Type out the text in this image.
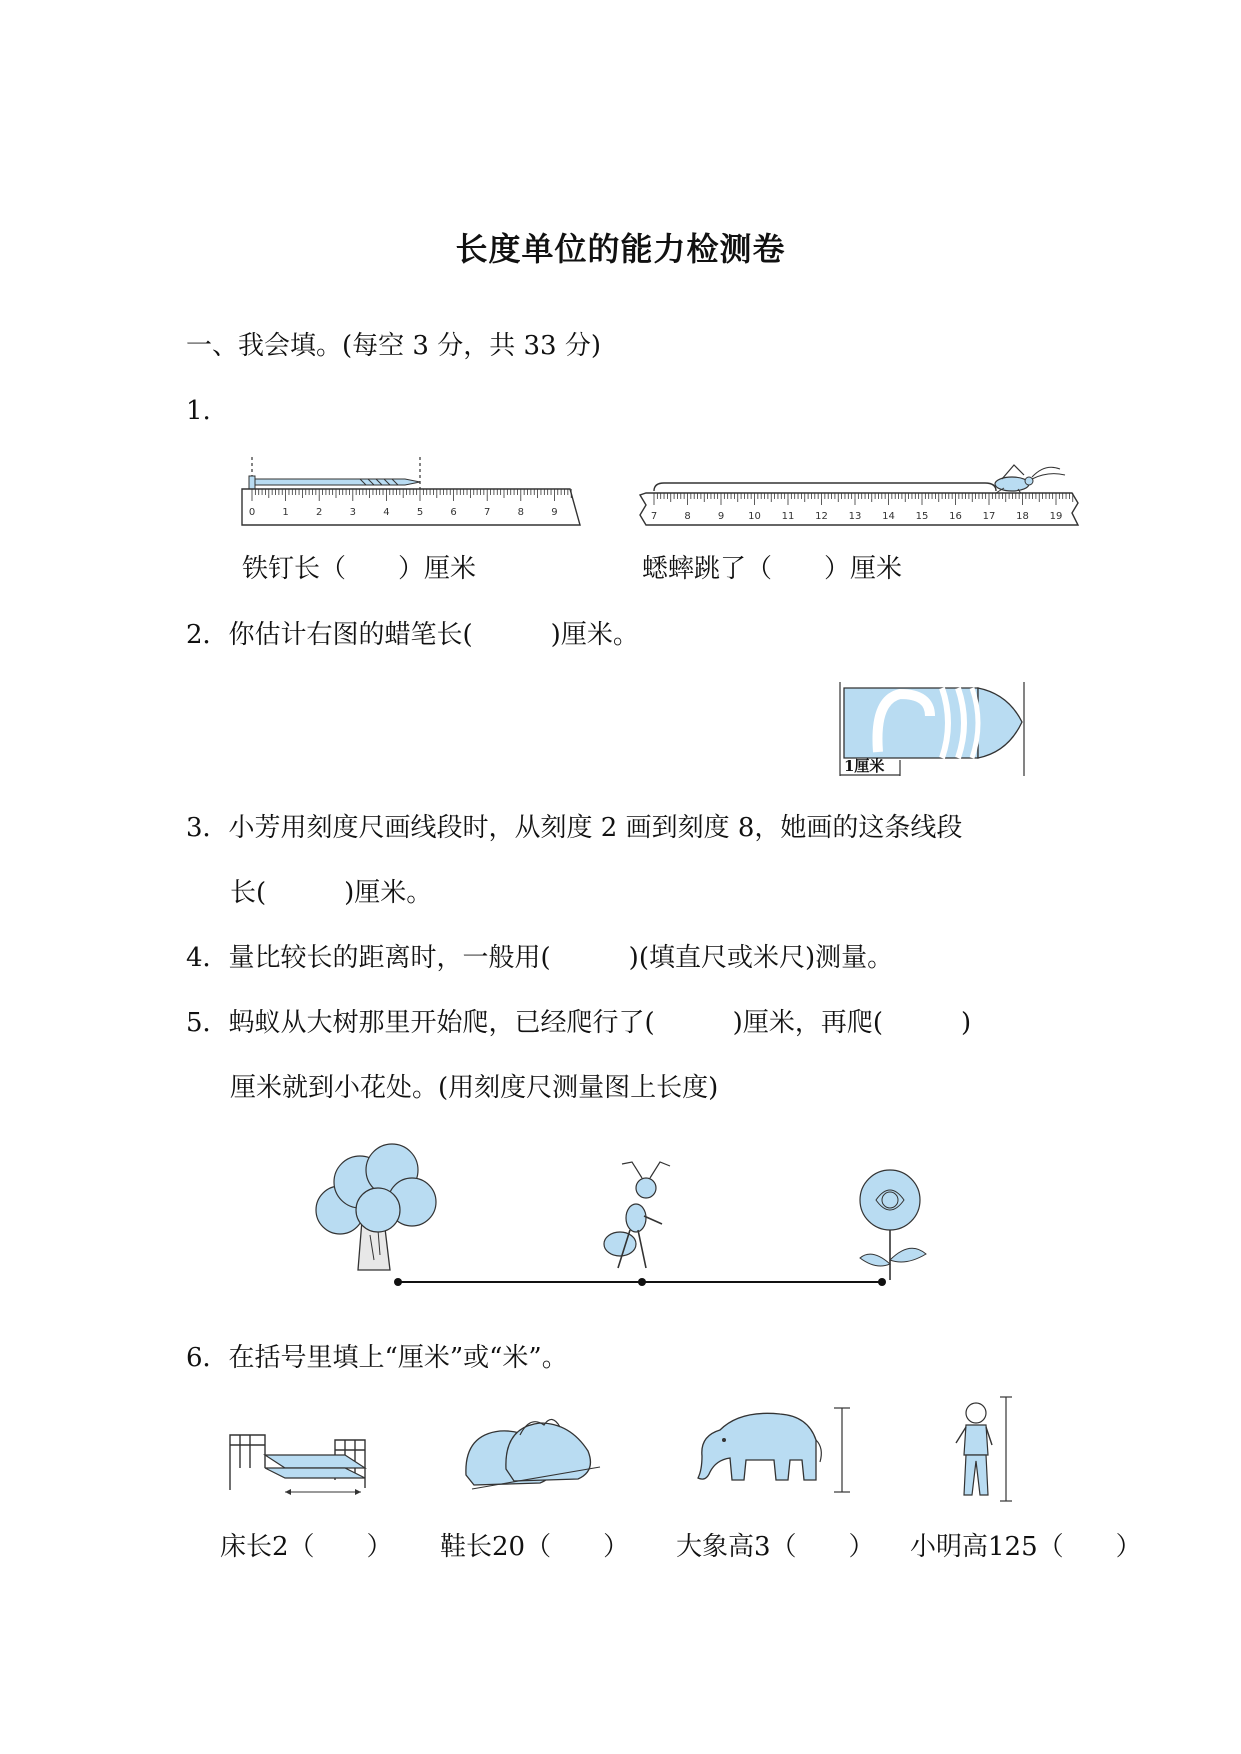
长度单位的能力检测卷
一、我会填。(每空 3 分，共 33 分)
1.
0	1	2	3	4	5	6	7	8	9	7	8	9 10 11 12 13 14 15 16 17 18 19
铁钉长（　　）厘米	蟋蟀跳了（　　）厘米
2．你估计右图的蜡笔长(　　　)厘米。
1厘米
3．小芳用刻度尺画线段时，从刻度 2 画到刻度 8，她画的这条线段
长(　　　)厘米。
4．量比较长的距离时，一般用(　　　)(填直尺或米尺)测量。
5．蚂蚁从大树那里开始爬，已经爬行了(　　　)厘米，再爬(　　　)
厘米就到小花处。(用刻度尺测量图上长度)
6．在括号里填上“厘米”或“米”。
床长2（　　） 鞋长20（　　） 大象高3（　　） 小明高125（　　）
